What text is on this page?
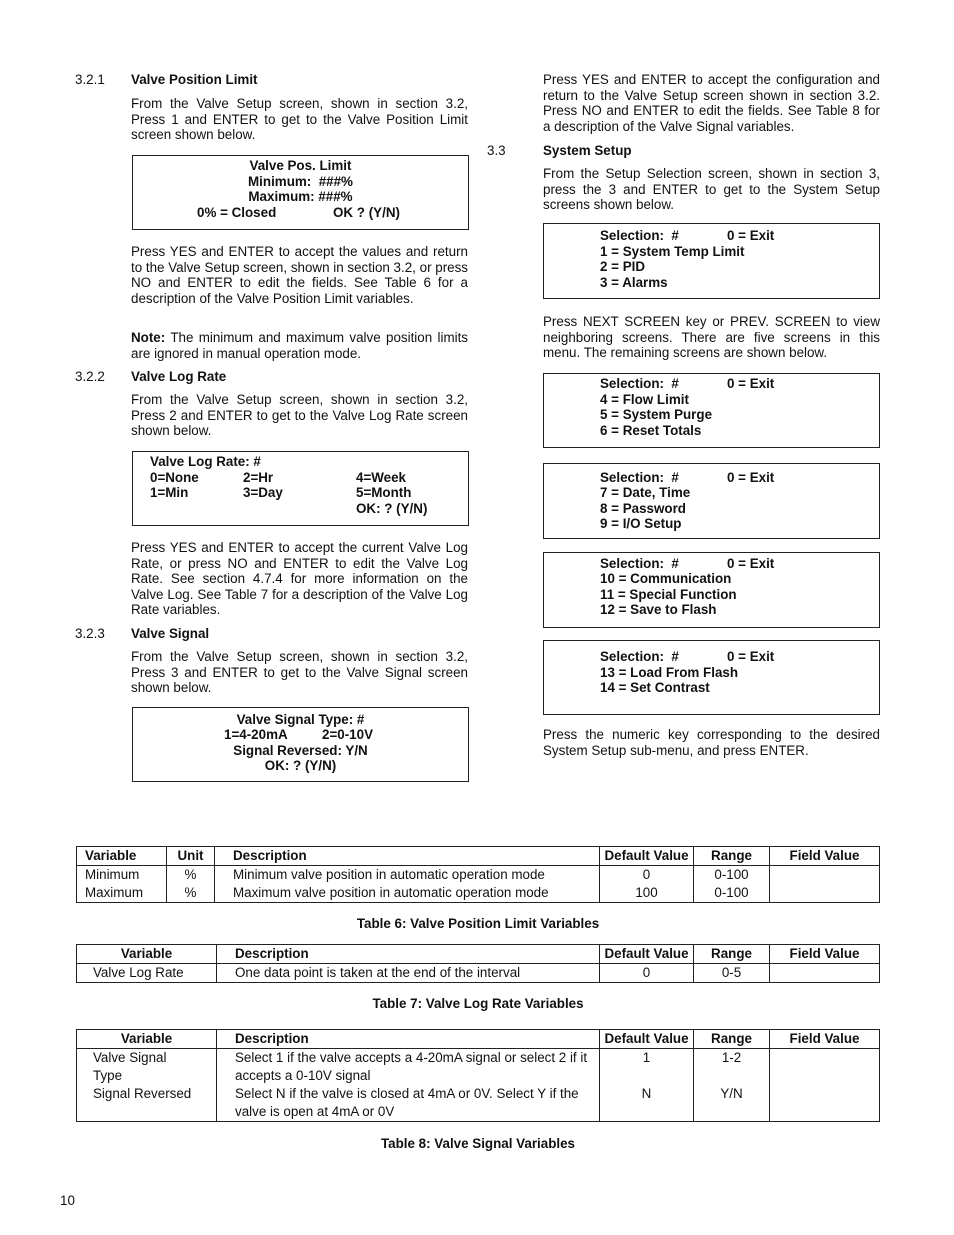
3.2.1 Valve Position Limit
From the Valve Setup screen, shown in section 3.2, Press 1 and ENTER to get to the Valve Position Limit screen shown below.
Valve Pos. Limit
Minimum:  ###%
Maximum: ###%
0% = Closed	OK ? (Y/N)
Press YES and ENTER to accept the values and return to the Valve Setup screen, shown in section 3.2, or press NO and ENTER to edit the fields. See Table 6 for a description of the Valve Position Limit variables.
Note: The minimum and maximum valve position limits are ignored in manual operation mode.
3.2.2 Valve Log Rate
From the Valve Setup screen, shown in section 3.2, Press 2 and ENTER to get to the Valve Log Rate screen shown below.
Valve Log Rate: #
0=None	2=Hr	4=Week
1=Min	3=Day	5=Month
OK: ? (Y/N)
Press YES and ENTER to accept the current Valve Log Rate, or press NO and ENTER to edit the Valve Log Rate. See section 4.7.4 for more information on the Valve Log. See Table 7 for a description of the Valve Log Rate variables.
3.2.3 Valve Signal
From the Valve Setup screen, shown in section 3.2, Press 3 and ENTER to get to the Valve Signal screen shown below.
Valve Signal Type: #
1=4-20mA	2=0-10V
Signal Reversed: Y/N
OK: ? (Y/N)
Press YES and ENTER to accept the configuration and return to the Valve Setup screen shown in section 3.2. Press NO and ENTER to edit the fields. See Table 8 for a description of the Valve Signal variables.
3.3	System Setup
From the Setup Selection screen, shown in section 3, press the 3 and ENTER to get to the System Setup screens shown below.
Selection:  #	0 = Exit
1 = System Temp Limit
2 = PID
3 = Alarms
Press NEXT SCREEN key or PREV. SCREEN to view neighboring screens. There are five screens in this menu. The remaining screens are shown below.
Selection:  #	0 = Exit
4 = Flow Limit
5 = System Purge
6 = Reset Totals
Selection:  #	0 = Exit
7 = Date, Time
8 = Password
9 = I/O Setup
Selection:  #	0 = Exit
10 = Communication
11 = Special Function
12 = Save to Flash
Selection:  #	0 = Exit
13 = Load From Flash
14 = Set Contrast
Press the numeric key corresponding to the desired System Setup sub-menu, and press ENTER.
Variable	Unit	Description	Default Value	Range	Field Value
Minimum	%	Minimum valve position in automatic operation mode	0	0-100	
Maximum	%	Maximum valve position in automatic operation mode	100	0-100	
Table 6: Valve Position Limit Variables
Variable	Description	Default Value	Range	Field Value
Valve Log Rate	One data point is taken at the end of the interval	0	0-5	
Table 7: Valve Log Rate Variables
Variable	Description	Default Value	Range	Field Value
Valve Signal Type	Select 1 if the valve accepts a 4-20mA signal or select 2 if it accepts a 0-10V signal	1	1-2	
Signal Reversed	Select N if the valve is closed at 4mA or 0V. Select Y if the valve is open at 4mA or 0V	N	Y/N	
Table 8: Valve Signal Variables
10
